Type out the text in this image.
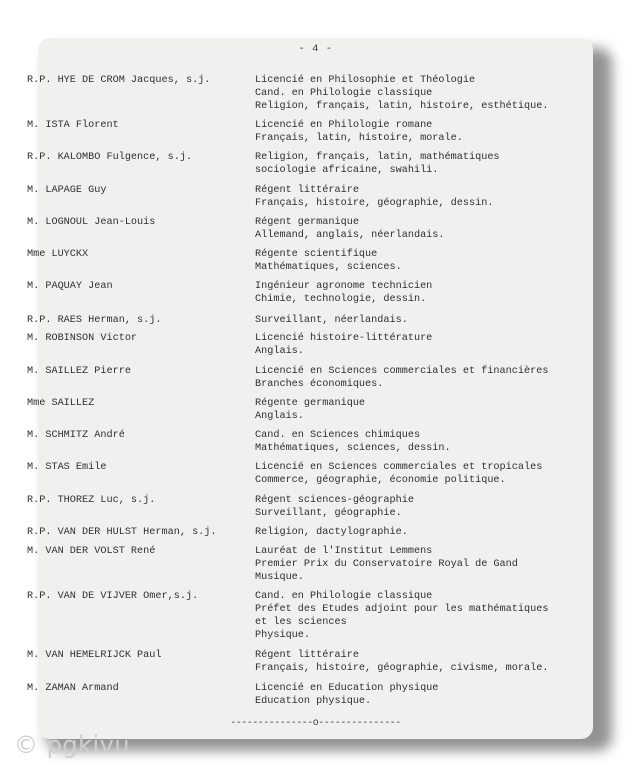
- 4 -
R.P. HYE DE CROM Jacques, s.j.	Licencié en Philosophie et Théologie
Cand. en Philologie classique
Religion, français, latin, histoire, esthétique.
M. ISTA Florent	Licencié en Philologie romane
Français, latin, histoire, morale.
R.P. KALOMBO Fulgence, s.j.	Religion, français, latin, mathématiques
sociologie africaine, swahili.
M. LAPAGE Guy	Régent littéraire
Français, histoire, géographie, dessin.
M. LOGNOUL Jean-Louis	Régent germanique
Allemand, anglais, néerlandais.
Mme LUYCKX	Régente scientifique
Mathématiques, sciences.
M. PAQUAY Jean	Ingénieur agronome technicien
Chimie, technologie, dessin.
R.P. RAES Herman, s.j.	Surveillant, néerlandais.
M. ROBINSON Victor	Licencié histoire-littérature
Anglais.
M. SAILLEZ Pierre	Licencié en Sciences commerciales et financières
Branches économiques.
Mme SAILLEZ	Régente germanique
Anglais.
M. SCHMITZ André	Cand. en Sciences chimiques
Mathématiques, sciences, dessin.
M. STAS Emile	Licencié en Sciences commerciales et tropicales
Commerce, géographie, économie politique.
R.P. THOREZ Luc, s.j.	Régent sciences-géographie
Surveillant, géographie.
R.P. VAN DER HULST Herman, s.j.	Religion, dactylographie.
M. VAN DER VOLST René	Lauréat de l'Institut Lemmens
Premier Prix du Conservatoire Royal de Gand
Musique.
R.P. VAN DE VIJVER Omer,s.j.	Cand. en Philologie classique
Préfet des Etudes adjoint pour les mathématiques
et les sciences
Physique.
M. VAN HEMELRIJCK Paul	Régent littéraire
Français, histoire, géographie, civisme, morale.
M. ZAMAN Armand	Licencié en Education physique
Education physique.
---------------o---------------
© pgkivu
